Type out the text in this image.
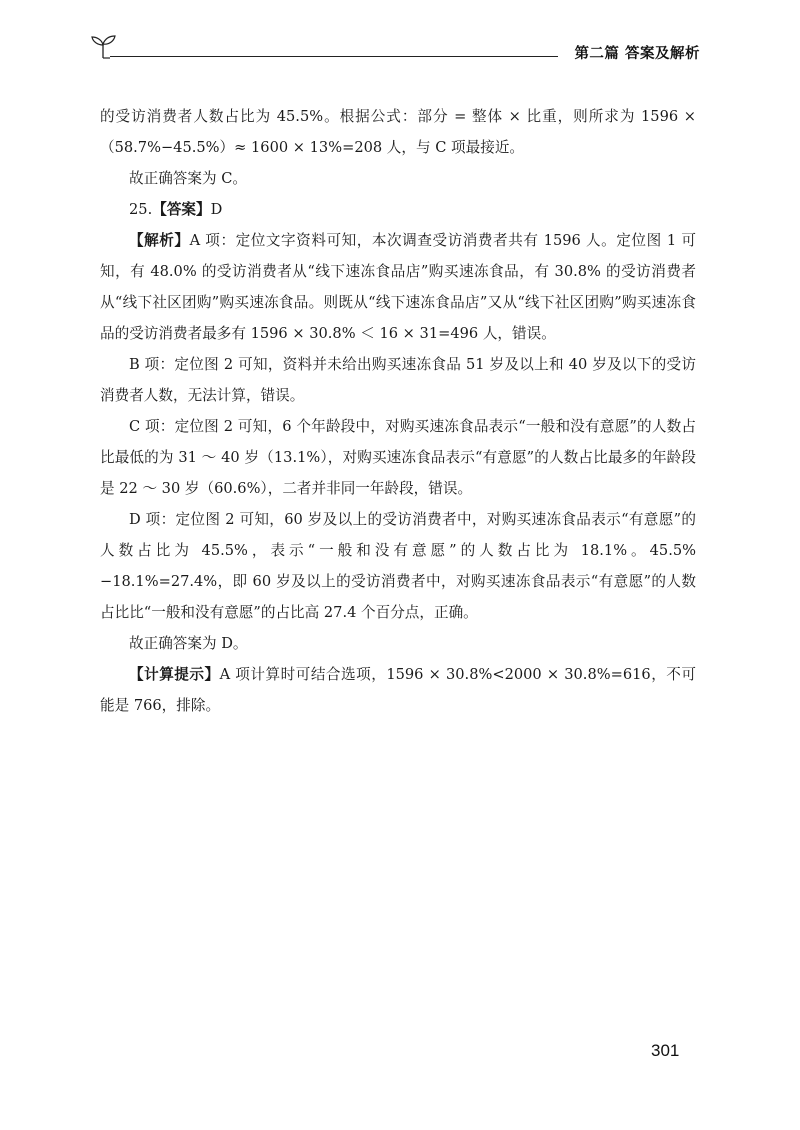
第二篇 答案及解析

的受访消费者人数占比为 45.5%。根据公式：部分 = 整体 × 比重，则所求为 1596 ×（58.7%−45.5%）≈ 1600 × 13%=208 人，与 C 项最接近。

故正确答案为 C。

25.【答案】D

【解析】A 项：定位文字资料可知，本次调查受访消费者共有 1596 人。定位图 1 可知，有 48.0% 的受访消费者从“线下速冻食品店”购买速冻食品，有 30.8% 的受访消费者从“线下社区团购”购买速冻食品。则既从“线下速冻食品店”又从“线下社区团购”购买速冻食品的受访消费者最多有 1596 × 30.8% ＜ 16 × 31=496 人，错误。

B 项：定位图 2 可知，资料并未给出购买速冻食品 51 岁及以上和 40 岁及以下的受访消费者人数，无法计算，错误。

C 项：定位图 2 可知，6 个年龄段中，对购买速冻食品表示“一般和没有意愿”的人数占比最低的为 31 ～ 40 岁（13.1%），对购买速冻食品表示“有意愿”的人数占比最多的年龄段是 22 ～ 30 岁（60.6%），二者并非同一年龄段，错误。

D 项：定位图 2 可知，60 岁及以上的受访消费者中，对购买速冻食品表示“有意愿”的人数占比为 45.5%，表示“一般和没有意愿”的人数占比为 18.1%。45.5%−18.1%=27.4%，即 60 岁及以上的受访消费者中，对购买速冻食品表示“有意愿”的人数占比比“一般和没有意愿”的占比高 27.4 个百分点，正确。

故正确答案为 D。

【计算提示】A 项计算时可结合选项，1596 × 30.8%<2000 × 30.8%=616，不可能是 766，排除。

301
